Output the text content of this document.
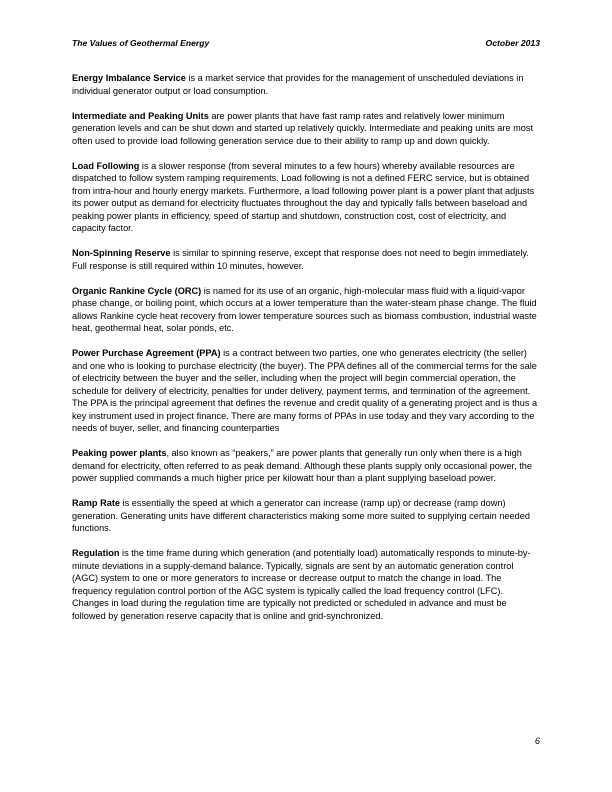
The Values of Geothermal Energy	October 2013

Energy Imbalance Service is a market service that provides for the management of unscheduled deviations in individual generator output or load consumption.

Intermediate and Peaking Units are power plants that have fast ramp rates and relatively lower minimum generation levels and can be shut down and started up relatively quickly. Intermediate and peaking units are most often used to provide load following generation service due to their ability to ramp up and down quickly.

Load Following is a slower response (from several minutes to a few hours) whereby available resources are dispatched to follow system ramping requirements. Load following is not a defined FERC service, but is obtained from intra-hour and hourly energy markets. Furthermore, a load following power plant is a power plant that adjusts its power output as demand for electricity fluctuates throughout the day and typically falls between baseload and peaking power plants in efficiency, speed of startup and shutdown, construction cost, cost of electricity, and capacity factor.

Non-Spinning Reserve is similar to spinning reserve, except that response does not need to begin immediately. Full response is still required within 10 minutes, however.

Organic Rankine Cycle (ORC) is named for its use of an organic, high-molecular mass fluid with a liquid-vapor phase change, or boiling point, which occurs at a lower temperature than the water-steam phase change. The fluid allows Rankine cycle heat recovery from lower temperature sources such as biomass combustion, industrial waste heat, geothermal heat, solar ponds, etc.

Power Purchase Agreement (PPA) is a contract between two parties, one who generates electricity (the seller) and one who is looking to purchase electricity (the buyer). The PPA defines all of the commercial terms for the sale of electricity between the buyer and the seller, including when the project will begin commercial operation, the schedule for delivery of electricity, penalties for under delivery, payment terms, and termination of the agreement. The PPA is the principal agreement that defines the revenue and credit quality of a generating project and is thus a key instrument used in project finance. There are many forms of PPAs in use today and they vary according to the needs of buyer, seller, and financing counterparties

Peaking power plants, also known as “peakers,” are power plants that generally run only when there is a high demand for electricity, often referred to as peak demand. Although these plants supply only occasional power, the power supplied commands a much higher price per kilowatt hour than a plant supplying baseload power.

Ramp Rate is essentially the speed at which a generator can increase (ramp up) or decrease (ramp down) generation. Generating units have different characteristics making some more suited to supplying certain needed functions.

Regulation is the time frame during which generation (and potentially load) automatically responds to minute-by-minute deviations in a supply-demand balance. Typically, signals are sent by an automatic generation control (AGC) system to one or more generators to increase or decrease output to match the change in load. The frequency regulation control portion of the AGC system is typically called the load frequency control (LFC). Changes in load during the regulation time are typically not predicted or scheduled in advance and must be followed by generation reserve capacity that is online and grid-synchronized.

6
